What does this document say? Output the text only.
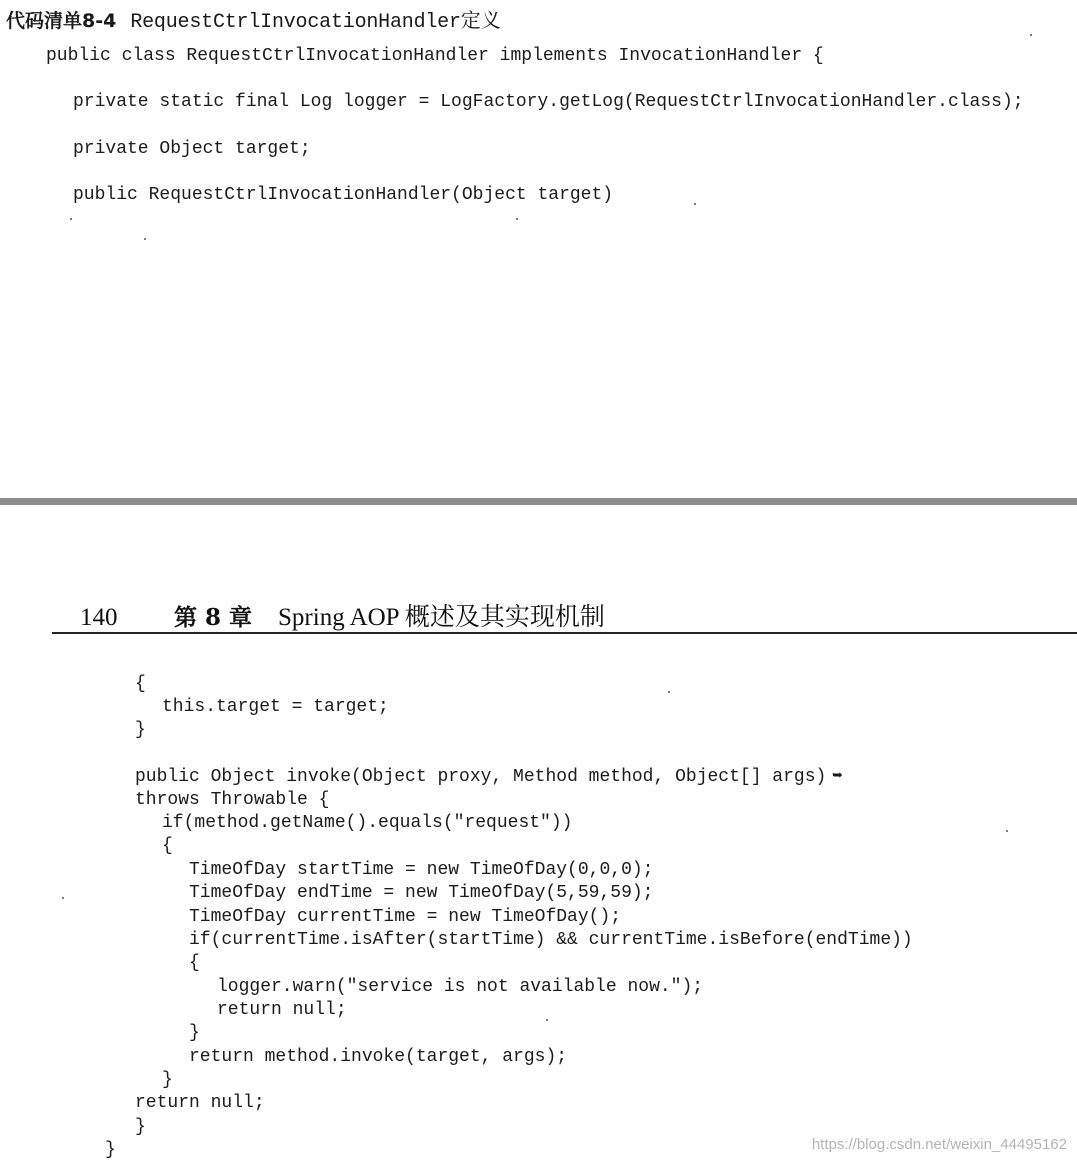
代码清单8-4 RequestCtrlInvocationHandler定义
public class RequestCtrlInvocationHandler implements InvocationHandler {
private static final Log logger = LogFactory.getLog(RequestCtrlInvocationHandler.class);
private Object target;
public RequestCtrlInvocationHandler(Object target)
140 第 8 章 Spring AOP 概述及其实现机制
{
this.target = target;
}
public Object invoke(Object proxy, Method method, Object[] args) ➥
throws Throwable {
if(method.getName().equals("request"))
{
TimeOfDay startTime = new TimeOfDay(0,0,0);
TimeOfDay endTime = new TimeOfDay(5,59,59);
TimeOfDay currentTime = new TimeOfDay();
if(currentTime.isAfter(startTime) && currentTime.isBefore(endTime))
{
logger.warn("service is not available now.");
return null;
}
return method.invoke(target, args);
}
return null;
}
}	https://blog.csdn.net/weixin_44495162
